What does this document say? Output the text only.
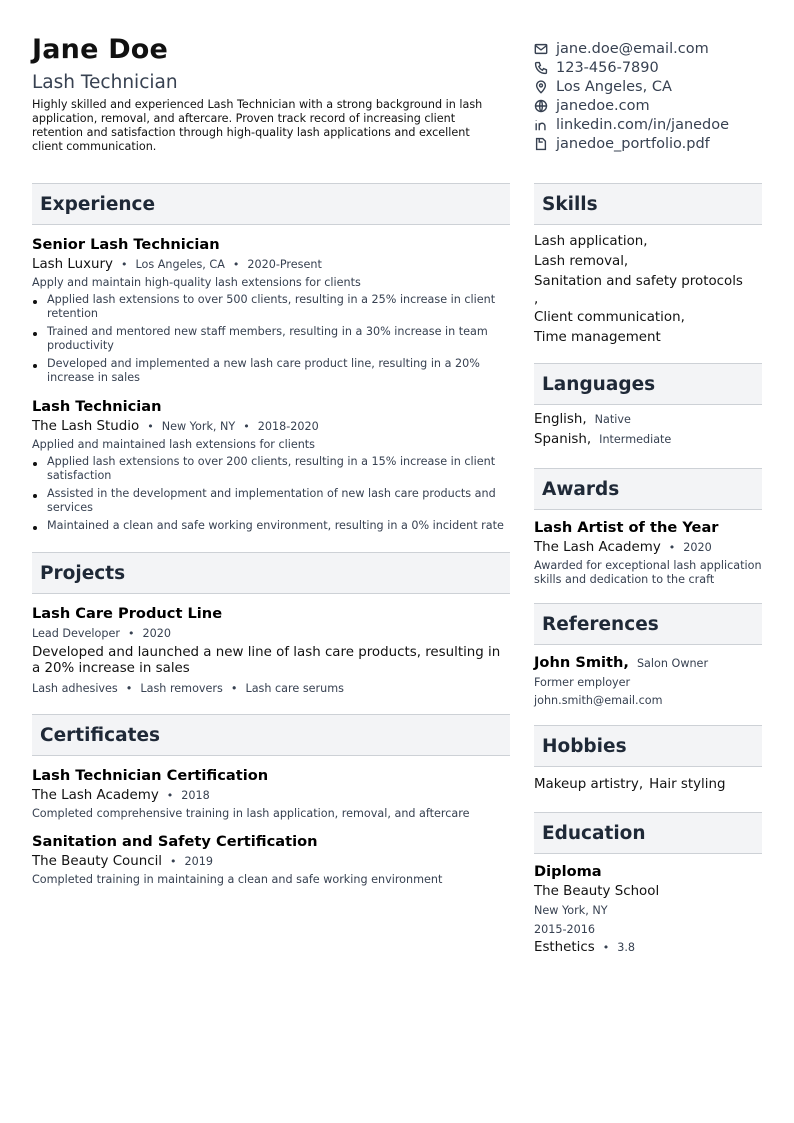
Jane Doe
Lash Technician
Highly skilled and experienced Lash Technician with a strong background in lash application, removal, and aftercare. Proven track record of increasing client retention and satisfaction through high-quality lash applications and excellent client communication.
jane.doe@email.com
123-456-7890
Los Angeles, CA
janedoe.com
linkedin.com/in/janedoe
janedoe_portfolio.pdf
Experience
Senior Lash Technician
Lash Luxury • Los Angeles, CA • 2020-Present
Apply and maintain high-quality lash extensions for clients
Applied lash extensions to over 500 clients, resulting in a 25% increase in client retention
Trained and mentored new staff members, resulting in a 30% increase in team productivity
Developed and implemented a new lash care product line, resulting in a 20% increase in sales
Lash Technician
The Lash Studio • New York, NY • 2018-2020
Applied and maintained lash extensions for clients
Applied lash extensions to over 200 clients, resulting in a 15% increase in client satisfaction
Assisted in the development and implementation of new lash care products and services
Maintained a clean and safe working environment, resulting in a 0% incident rate
Projects
Lash Care Product Line
Lead Developer • 2020
Developed and launched a new line of lash care products, resulting in a 20% increase in sales
Lash adhesives • Lash removers • Lash care serums
Certificates
Lash Technician Certification
The Lash Academy • 2018
Completed comprehensive training in lash application, removal, and aftercare
Sanitation and Safety Certification
The Beauty Council • 2019
Completed training in maintaining a clean and safe working environment
Skills
Lash application,
Lash removal,
Sanitation and safety protocols
,
Client communication,
Time management
Languages
English, Native
Spanish, Intermediate
Awards
Lash Artist of the Year
The Lash Academy • 2020
Awarded for exceptional lash application skills and dedication to the craft
References
John Smith, Salon Owner
Former employer
john.smith@email.com
Hobbies
Makeup artistry, Hair styling
Education
Diploma
The Beauty School
New York, NY
2015-2016
Esthetics • 3.8
